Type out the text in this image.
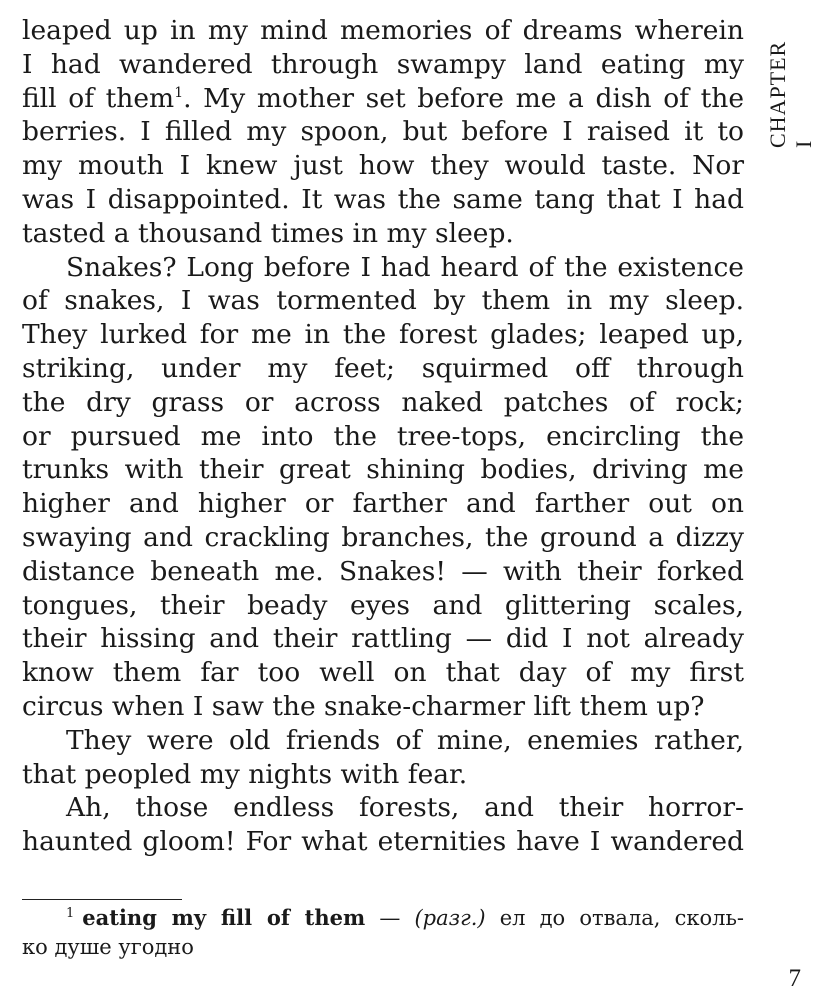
CHAPTER I
leaped up in my mind memories of dreams wherein
I had wandered through swampy land eating my
fill of them$^1$. My mother set before me a dish of the
berries. I filled my spoon, but before I raised it to
my mouth I knew just how they would taste. Nor
was I disappointed. It was the same tang that I had
tasted a thousand times in my sleep.
Snakes? Long before I had heard of the existence
of snakes, I was tormented by them in my sleep.
They lurked for me in the forest glades; leaped up,
striking, under my feet; squirmed off through
the dry grass or across naked patches of rock;
or pursued me into the tree-tops, encircling the
trunks with their great shining bodies, driving me
higher and higher or farther and farther out on
swaying and crackling branches, the ground a dizzy
distance beneath me. Snakes! — with their forked
tongues, their beady eyes and glittering scales,
their hissing and their rattling — did I not already
know them far too well on that day of my first
circus when I saw the snake-charmer lift them up?
They were old friends of mine, enemies rather,
that peopled my nights with fear.
Ah, those endless forests, and their horror-
haunted gloom! For what eternities have I wandered
$^1$ eating my fill of them — (разг.) ел до отвала, сколь-
ко душе угодно
7
